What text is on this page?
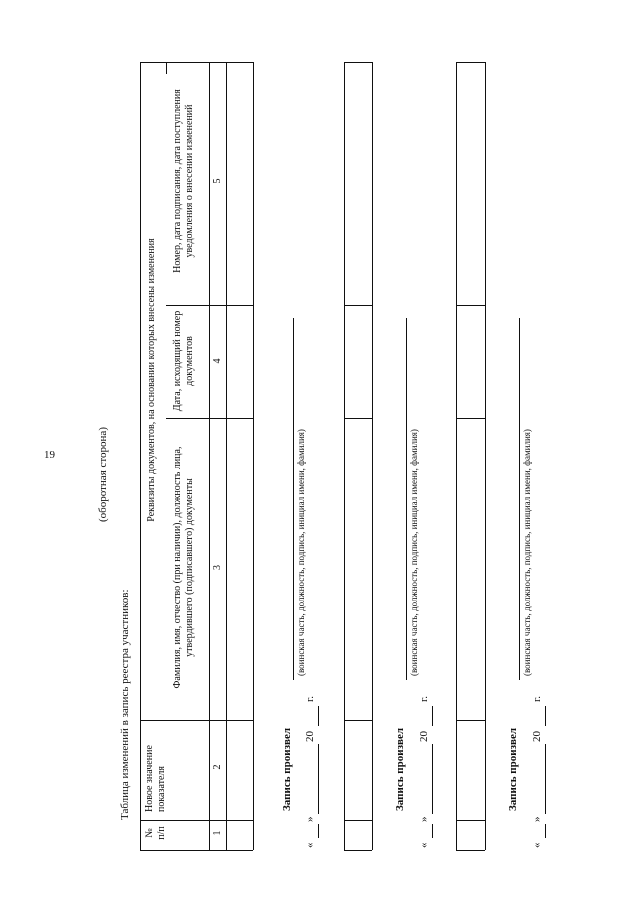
19	(оборотная сторона)
Таблица изменений в запись реестра участников:
№ п/п
Новое значение показателя
Реквизиты документов, на основании которых внесены изменения
Фамилия, имя, отчество (при наличии), должность лица, утвердившего (подписавшего) документы
Дата, исходящий номер документов
Номер, дата подписания, дата поступления уведомления о внесении изменений
1
2
3
4
5
Запись произвел
(воинская часть, должность, подпись, инициал имени, фамилия)
«
»
20
г.
Запись произвел
(воинская часть, должность, подпись, инициал имени, фамилия)
«
»
20
г.
Запись произвел
(воинская часть, должность, подпись, инициал имени, фамилия)
«
»
20
г.
